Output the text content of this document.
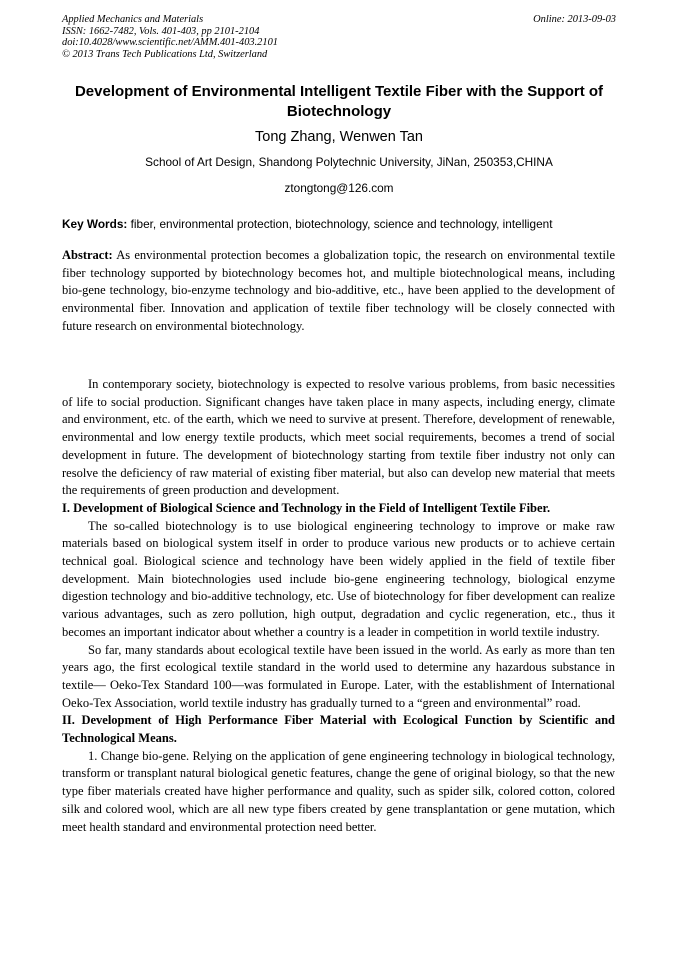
Applied Mechanics and Materials
ISSN: 1662-7482, Vols. 401-403, pp 2101-2104
doi:10.4028/www.scientific.net/AMM.401-403.2101
© 2013 Trans Tech Publications Ltd, Switzerland
Online: 2013-09-03
Development of Environmental Intelligent Textile Fiber with the Support of Biotechnology
Tong Zhang, Wenwen Tan
School of Art Design, Shandong Polytechnic University, JiNan, 250353,CHINA
ztongtong@126.com
Key Words: fiber, environmental protection, biotechnology, science and technology, intelligent

Abstract: As environmental protection becomes a globalization topic, the research on environmental textile fiber technology supported by biotechnology becomes hot, and multiple biotechnological means, including bio-gene technology, bio-enzyme technology and bio-additive, etc., have been applied to the development of environmental fiber. Innovation and application of textile fiber technology will be closely connected with future research on environmental biotechnology.

In contemporary society, biotechnology is expected to resolve various problems, from basic necessities of life to social production. Significant changes have taken place in many aspects, including energy, climate and environment, etc. of the earth, which we need to survive at present. Therefore, development of renewable, environmental and low energy textile products, which meet social requirements, becomes a trend of social development in future. The development of biotechnology starting from textile fiber industry not only can resolve the deficiency of raw material of existing fiber material, but also can develop new material that meets the requirements of green production and development.

I. Development of Biological Science and Technology in the Field of Intelligent Textile Fiber.

The so-called biotechnology is to use biological engineering technology to improve or make raw materials based on biological system itself in order to produce various new products or to achieve certain technical goal. Biological science and technology have been widely applied in the field of textile fiber development. Main biotechnologies used include bio-gene engineering technology, biological enzyme digestion technology and bio-additive technology, etc. Use of biotechnology for fiber development can realize various advantages, such as zero pollution, high output, degradation and cyclic regeneration, etc., thus it becomes an important indicator about whether a country is a leader in competition in world textile industry.

So far, many standards about ecological textile have been issued in the world. As early as more than ten years ago, the first ecological textile standard in the world used to determine any hazardous substance in textile— Oeko-Tex Standard 100—was formulated in Europe. Later, with the establishment of International Oeko-Tex Association, world textile industry has gradually turned to a “green and environmental” road.

II. Development of High Performance Fiber Material with Ecological Function by Scientific and Technological Means.

1. Change bio-gene. Relying on the application of gene engineering technology in biological technology, transform or transplant natural biological genetic features, change the gene of original biology, so that the new type fiber materials created have higher performance and quality, such as spider silk, colored cotton, colored silk and colored wool, which are all new type fibers created by gene transplantation or gene mutation, which meet health standard and environmental protection need better.
